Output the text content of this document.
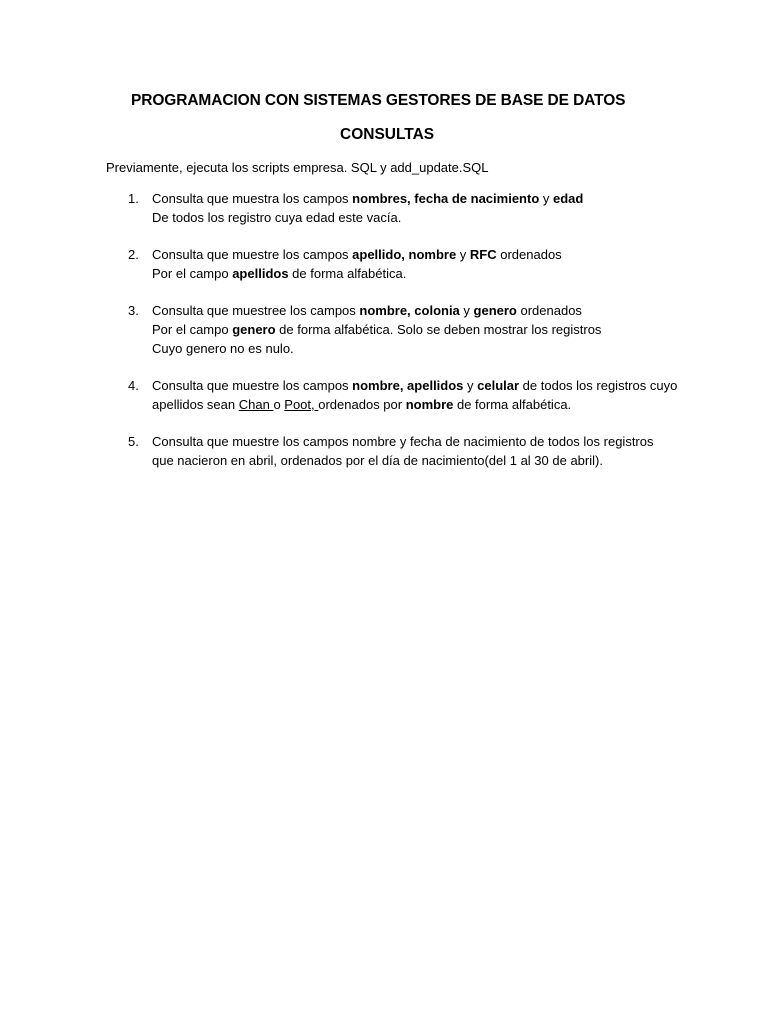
PROGRAMACION CON SISTEMAS GESTORES DE BASE DE DATOS
CONSULTAS
Previamente, ejecuta los scripts empresa. SQL y add_update.SQL
1. Consulta que muestra los campos nombres, fecha de nacimiento y edad
De todos los registro cuya edad este vacía.
2. Consulta que muestre los campos apellido, nombre y RFC ordenados
Por el campo apellidos de forma alfabética.
3. Consulta que muestree los campos nombre, colonia y genero ordenados
Por el campo genero de forma alfabética. Solo se deben mostrar los registros
Cuyo genero no es nulo.
4. Consulta que muestre los campos nombre, apellidos y celular de todos los registros cuyo
apellidos sean Chan o Poot, ordenados por nombre de forma alfabética.
5. Consulta que muestre los campos nombre y fecha de nacimiento de todos los registros
que nacieron en abril, ordenados por el día de nacimiento(del 1 al 30 de abril).
